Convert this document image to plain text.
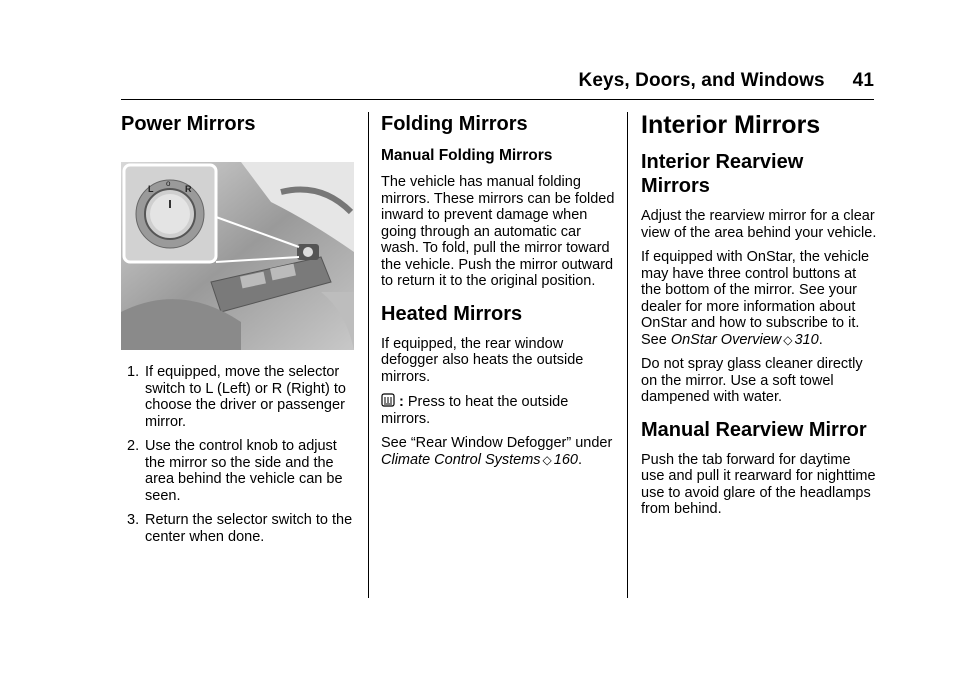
Keys, Doors, and Windows 41
Power Mirrors
L
o
R
1. If equipped, move the selector switch to L (Left) or R (Right) to choose the driver or passenger mirror.
2. Use the control knob to adjust the mirror so the side and the area behind the vehicle can be seen.
3. Return the selector switch to the center when done.
Folding Mirrors
Manual Folding Mirrors

The vehicle has manual folding mirrors. These mirrors can be folded inward to prevent damage when going through an automatic car wash. To fold, pull the mirror toward the vehicle. Push the mirror outward to return it to the original position.

Heated Mirrors

If equipped, the rear window defogger also heats the outside mirrors.

: Press to heat the outside mirrors.

See “Rear Window Defogger” under Climate Control Systems ◇ 160.

Interior Mirrors
Interior Rearview Mirrors

Adjust the rearview mirror for a clear view of the area behind your vehicle.

If equipped with OnStar, the vehicle may have three control buttons at the bottom of the mirror. See your dealer for more information about OnStar and how to subscribe to it. See OnStar Overview ◇ 310.

Do not spray glass cleaner directly on the mirror. Use a soft towel dampened with water.

Manual Rearview Mirror

Push the tab forward for daytime use and pull it rearward for nighttime use to avoid glare of the headlamps from behind.
